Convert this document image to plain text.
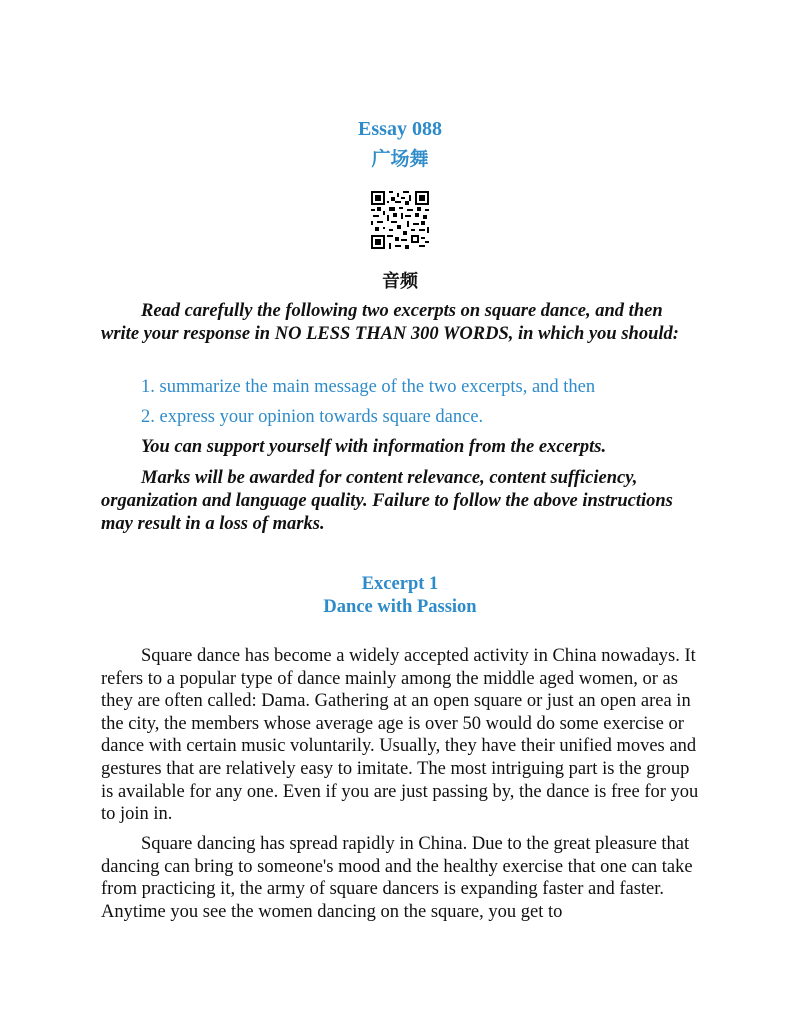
Essay 088
广场舞
音频
Read carefully the following two excerpts on square dance, and then write your response in NO LESS THAN 300 WORDS, in which you should:
1. summarize the main message of the two excerpts, and then
2. express your opinion towards square dance.
You can support yourself with information from the excerpts.
Marks will be awarded for content relevance, content sufficiency, organization and language quality. Failure to follow the above instructions may result in a loss of marks.
Excerpt 1
Dance with Passion
Square dance has become a widely accepted activity in China nowadays. It refers to a popular type of dance mainly among the middle aged women, or as they are often called: Dama. Gathering at an open square or just an open area in the city, the members whose average age is over 50 would do some exercise or dance with certain music voluntarily. Usually, they have their unified moves and gestures that are relatively easy to imitate. The most intriguing part is the group is available for any one. Even if you are just passing by, the dance is free for you to join in.
Square dancing has spread rapidly in China. Due to the great pleasure that dancing can bring to someone's mood and the healthy exercise that one can take from practicing it, the army of square dancers is expanding faster and faster. Anytime you see the women dancing on the square, you get to
